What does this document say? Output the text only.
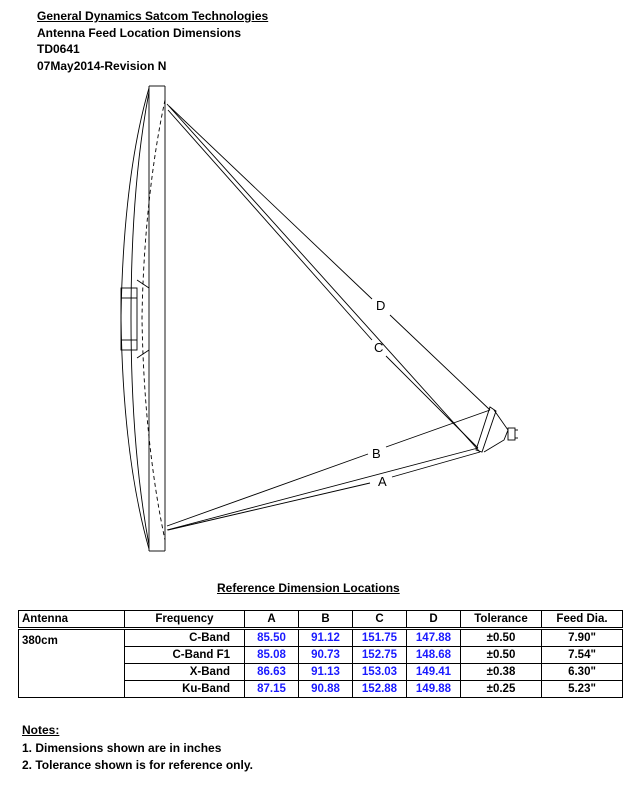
General Dynamics Satcom Technologies
Antenna Feed Location Dimensions
TD0641
07May2014-Revision N
D
C
B
A
Reference Dimension Locations
Antenna	Frequency	A	B	C	D	Tolerance	Feed Dia.
380cm	C-Band	85.50	91.12	151.75	147.88	±0.50	7.90"
	C-Band F1	85.08	90.73	152.75	148.68	±0.50	7.54"
	X-Band	86.63	91.13	153.03	149.41	±0.38	6.30"
	Ku-Band	87.15	90.88	152.88	149.88	±0.25	5.23"
Notes:
1. Dimensions shown are in inches
2. Tolerance shown is for reference only.
